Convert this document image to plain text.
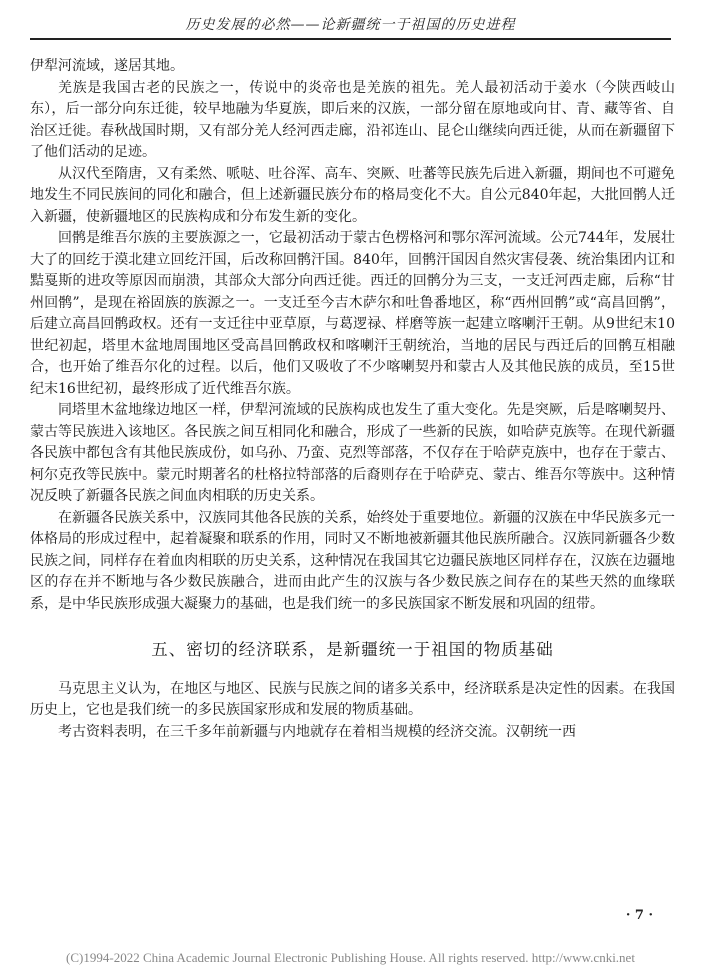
历史发展的必然——论新疆统一于祖国的历史进程

伊犁河流域，遂居其地。

羌族是我国古老的民族之一，传说中的炎帝也是羌族的祖先。羌人最初活动于姜水（今陕西岐山东），后一部分向东迁徙，较早地融为华夏族，即后来的汉族，一部分留在原地或向甘、青、藏等省、自治区迁徙。春秋战国时期，又有部分羌人经河西走廊，沿祁连山、昆仑山继续向西迁徙，从而在新疆留下了他们活动的足迹。

从汉代至隋唐，又有柔然、哌哒、吐谷浑、高车、突厥、吐蕃等民族先后进入新疆，期间也不可避免地发生不同民族间的同化和融合，但上述新疆民族分布的格局变化不大。自公元840年起，大批回鹘人迁入新疆，使新疆地区的民族构成和分布发生新的变化。

回鹘是维吾尔族的主要族源之一，它最初活动于蒙古色楞格河和鄂尔浑河流域。公元744年，发展壮大了的回纥于漠北建立回纥汗国，后改称回鹘汗国。840年，回鹘汗国因自然灾害侵袭、统治集团内讧和黠戛斯的进攻等原因而崩溃，其部众大部分向西迁徙。西迁的回鹘分为三支，一支迁河西走廊，后称“甘州回鹘”，是现在裕固族的族源之一。一支迁至今吉木萨尔和吐鲁番地区，称“西州回鹘”或“高昌回鹘”，后建立高昌回鹘政权。还有一支迁往中亚草原，与葛逻禄、样磨等族一起建立喀喇汗王朝。从9世纪末10世纪初起，塔里木盆地周围地区受高昌回鹘政权和喀喇汗王朝统治，当地的居民与西迁后的回鹘互相融合，也开始了维吾尔化的过程。以后，他们又吸收了不少喀喇契丹和蒙古人及其他民族的成员，至15世纪末16世纪初，最终形成了近代维吾尔族。

同塔里木盆地缘边地区一样，伊犁河流域的民族构成也发生了重大变化。先是突厥，后是喀喇契丹、蒙古等民族进入该地区。各民族之间互相同化和融合，形成了一些新的民族，如哈萨克族等。在现代新疆各民族中都包含有其他民族成份，如乌孙、乃蛮、克烈等部落，不仅存在于哈萨克族中，也存在于蒙古、柯尔克孜等民族中。蒙元时期著名的杜格拉特部落的后裔则存在于哈萨克、蒙古、维吾尔等族中。这种情况反映了新疆各民族之间血肉相联的历史关系。

在新疆各民族关系中，汉族同其他各民族的关系，始终处于重要地位。新疆的汉族在中华民族多元一体格局的形成过程中，起着凝聚和联系的作用，同时又不断地被新疆其他民族所融合。汉族同新疆各少数民族之间，同样存在着血肉相联的历史关系，这种情况在我国其它边疆民族地区同样存在，汉族在边疆地区的存在并不断地与各少数民族融合，进而由此产生的汉族与各少数民族之间存在的某些天然的血缘联系，是中华民族形成强大凝聚力的基础，也是我们统一的多民族国家不断发展和巩固的纽带。

五、密切的经济联系，是新疆统一于祖国的物质基础

马克思主义认为，在地区与地区、民族与民族之间的诸多关系中，经济联系是决定性的因素。在我国历史上，它也是我们统一的多民族国家形成和发展的物质基础。

考古资料表明，在三千多年前新疆与内地就存在着相当规模的经济交流。汉朝统一西

· 7 ·
(C)1994-2022 China Academic Journal Electronic Publishing House. All rights reserved. http://www.cnki.net
